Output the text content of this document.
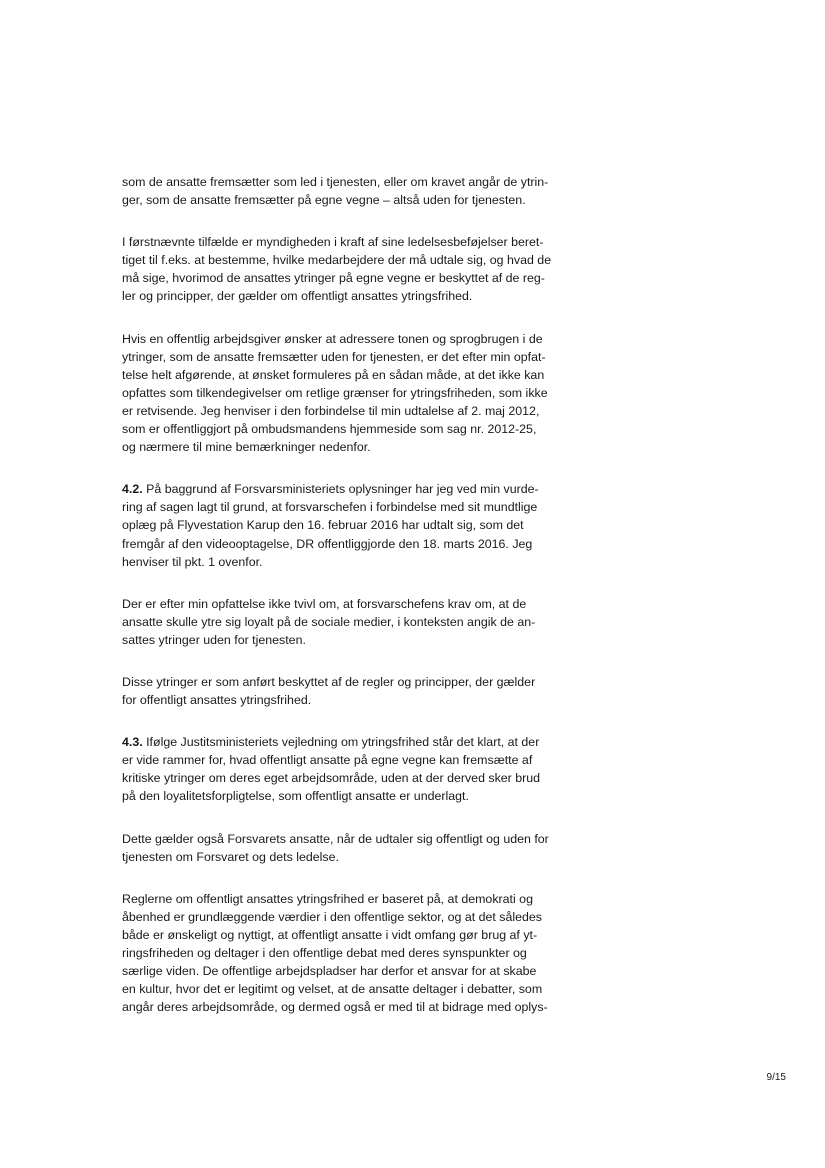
som de ansatte fremsætter som led i tjenesten, eller om kravet angår de ytrin-
ger, som de ansatte fremsætter på egne vegne – altså uden for tjenesten.

I førstnævnte tilfælde er myndigheden i kraft af sine ledelsesbeføjelser beret-
tiget til f.eks. at bestemme, hvilke medarbejdere der må udtale sig, og hvad de
må sige, hvorimod de ansattes ytringer på egne vegne er beskyttet af de reg-
ler og principper, der gælder om offentligt ansattes ytringsfrihed.

Hvis en offentlig arbejdsgiver ønsker at adressere tonen og sprogbrugen i de
ytringer, som de ansatte fremsætter uden for tjenesten, er det efter min opfat-
telse helt afgørende, at ønsket formuleres på en sådan måde, at det ikke kan
opfattes som tilkendegivelser om retlige grænser for ytringsfriheden, som ikke
er retvisende. Jeg henviser i den forbindelse til min udtalelse af 2. maj 2012,
som er offentliggjort på ombudsmandens hjemmeside som sag nr. 2012-25,
og nærmere til mine bemærkninger nedenfor.

4.2. På baggrund af Forsvarsministeriets oplysninger har jeg ved min vurde-
ring af sagen lagt til grund, at forsvarschefen i forbindelse med sit mundtlige
oplæg på Flyvestation Karup den 16. februar 2016 har udtalt sig, som det
fremgår af den videooptagelse, DR offentliggjorde den 18. marts 2016. Jeg
henviser til pkt. 1 ovenfor.

Der er efter min opfattelse ikke tvivl om, at forsvarschefens krav om, at de
ansatte skulle ytre sig loyalt på de sociale medier, i konteksten angik de an-
sattes ytringer uden for tjenesten.

Disse ytringer er som anført beskyttet af de regler og principper, der gælder
for offentligt ansattes ytringsfrihed.

4.3. Ifølge Justitsministeriets vejledning om ytringsfrihed står det klart, at der
er vide rammer for, hvad offentligt ansatte på egne vegne kan fremsætte af
kritiske ytringer om deres eget arbejdsområde, uden at der derved sker brud
på den loyalitetsforpligtelse, som offentligt ansatte er underlagt.

Dette gælder også Forsvarets ansatte, når de udtaler sig offentligt og uden for
tjenesten om Forsvaret og dets ledelse.

Reglerne om offentligt ansattes ytringsfrihed er baseret på, at demokrati og
åbenhed er grundlæggende værdier i den offentlige sektor, og at det således
både er ønskeligt og nyttigt, at offentligt ansatte i vidt omfang gør brug af yt-
ringsfriheden og deltager i den offentlige debat med deres synspunkter og
særlige viden. De offentlige arbejdspladser har derfor et ansvar for at skabe
en kultur, hvor det er legitimt og velset, at de ansatte deltager i debatter, som
angår deres arbejdsområde, og dermed også er med til at bidrage med oplys-

9/15
